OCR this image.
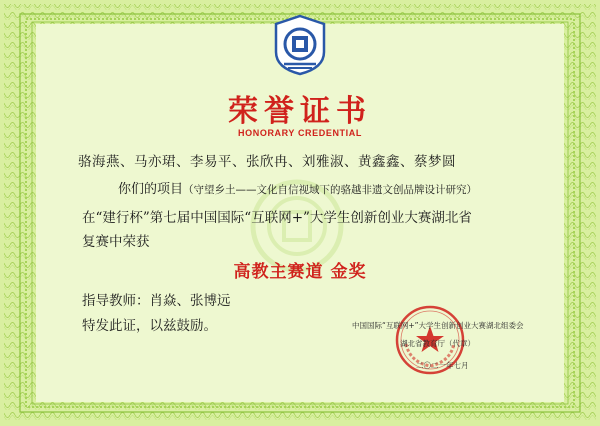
荣誉证书
HONORARY CREDENTIAL
骆海燕、马亦珺、李易平、张欣冉、刘雅淑、黄鑫鑫、蔡梦圆
你们的项目（守望乡土——文化自信视域下的骆越非遗文创品牌设计研究）
在“建行杯”第七届中国国际“互联网+”大学生创新创业大赛湖北省
复赛中荣获
高教主赛道 金奖
指导教师：肖焱、张博远
特发此证，以兹鼓励。	中国国际“互联网+”大学生创新创业大赛湖北组委会
湖北省教育厅（代章）
二〇二一年七月
